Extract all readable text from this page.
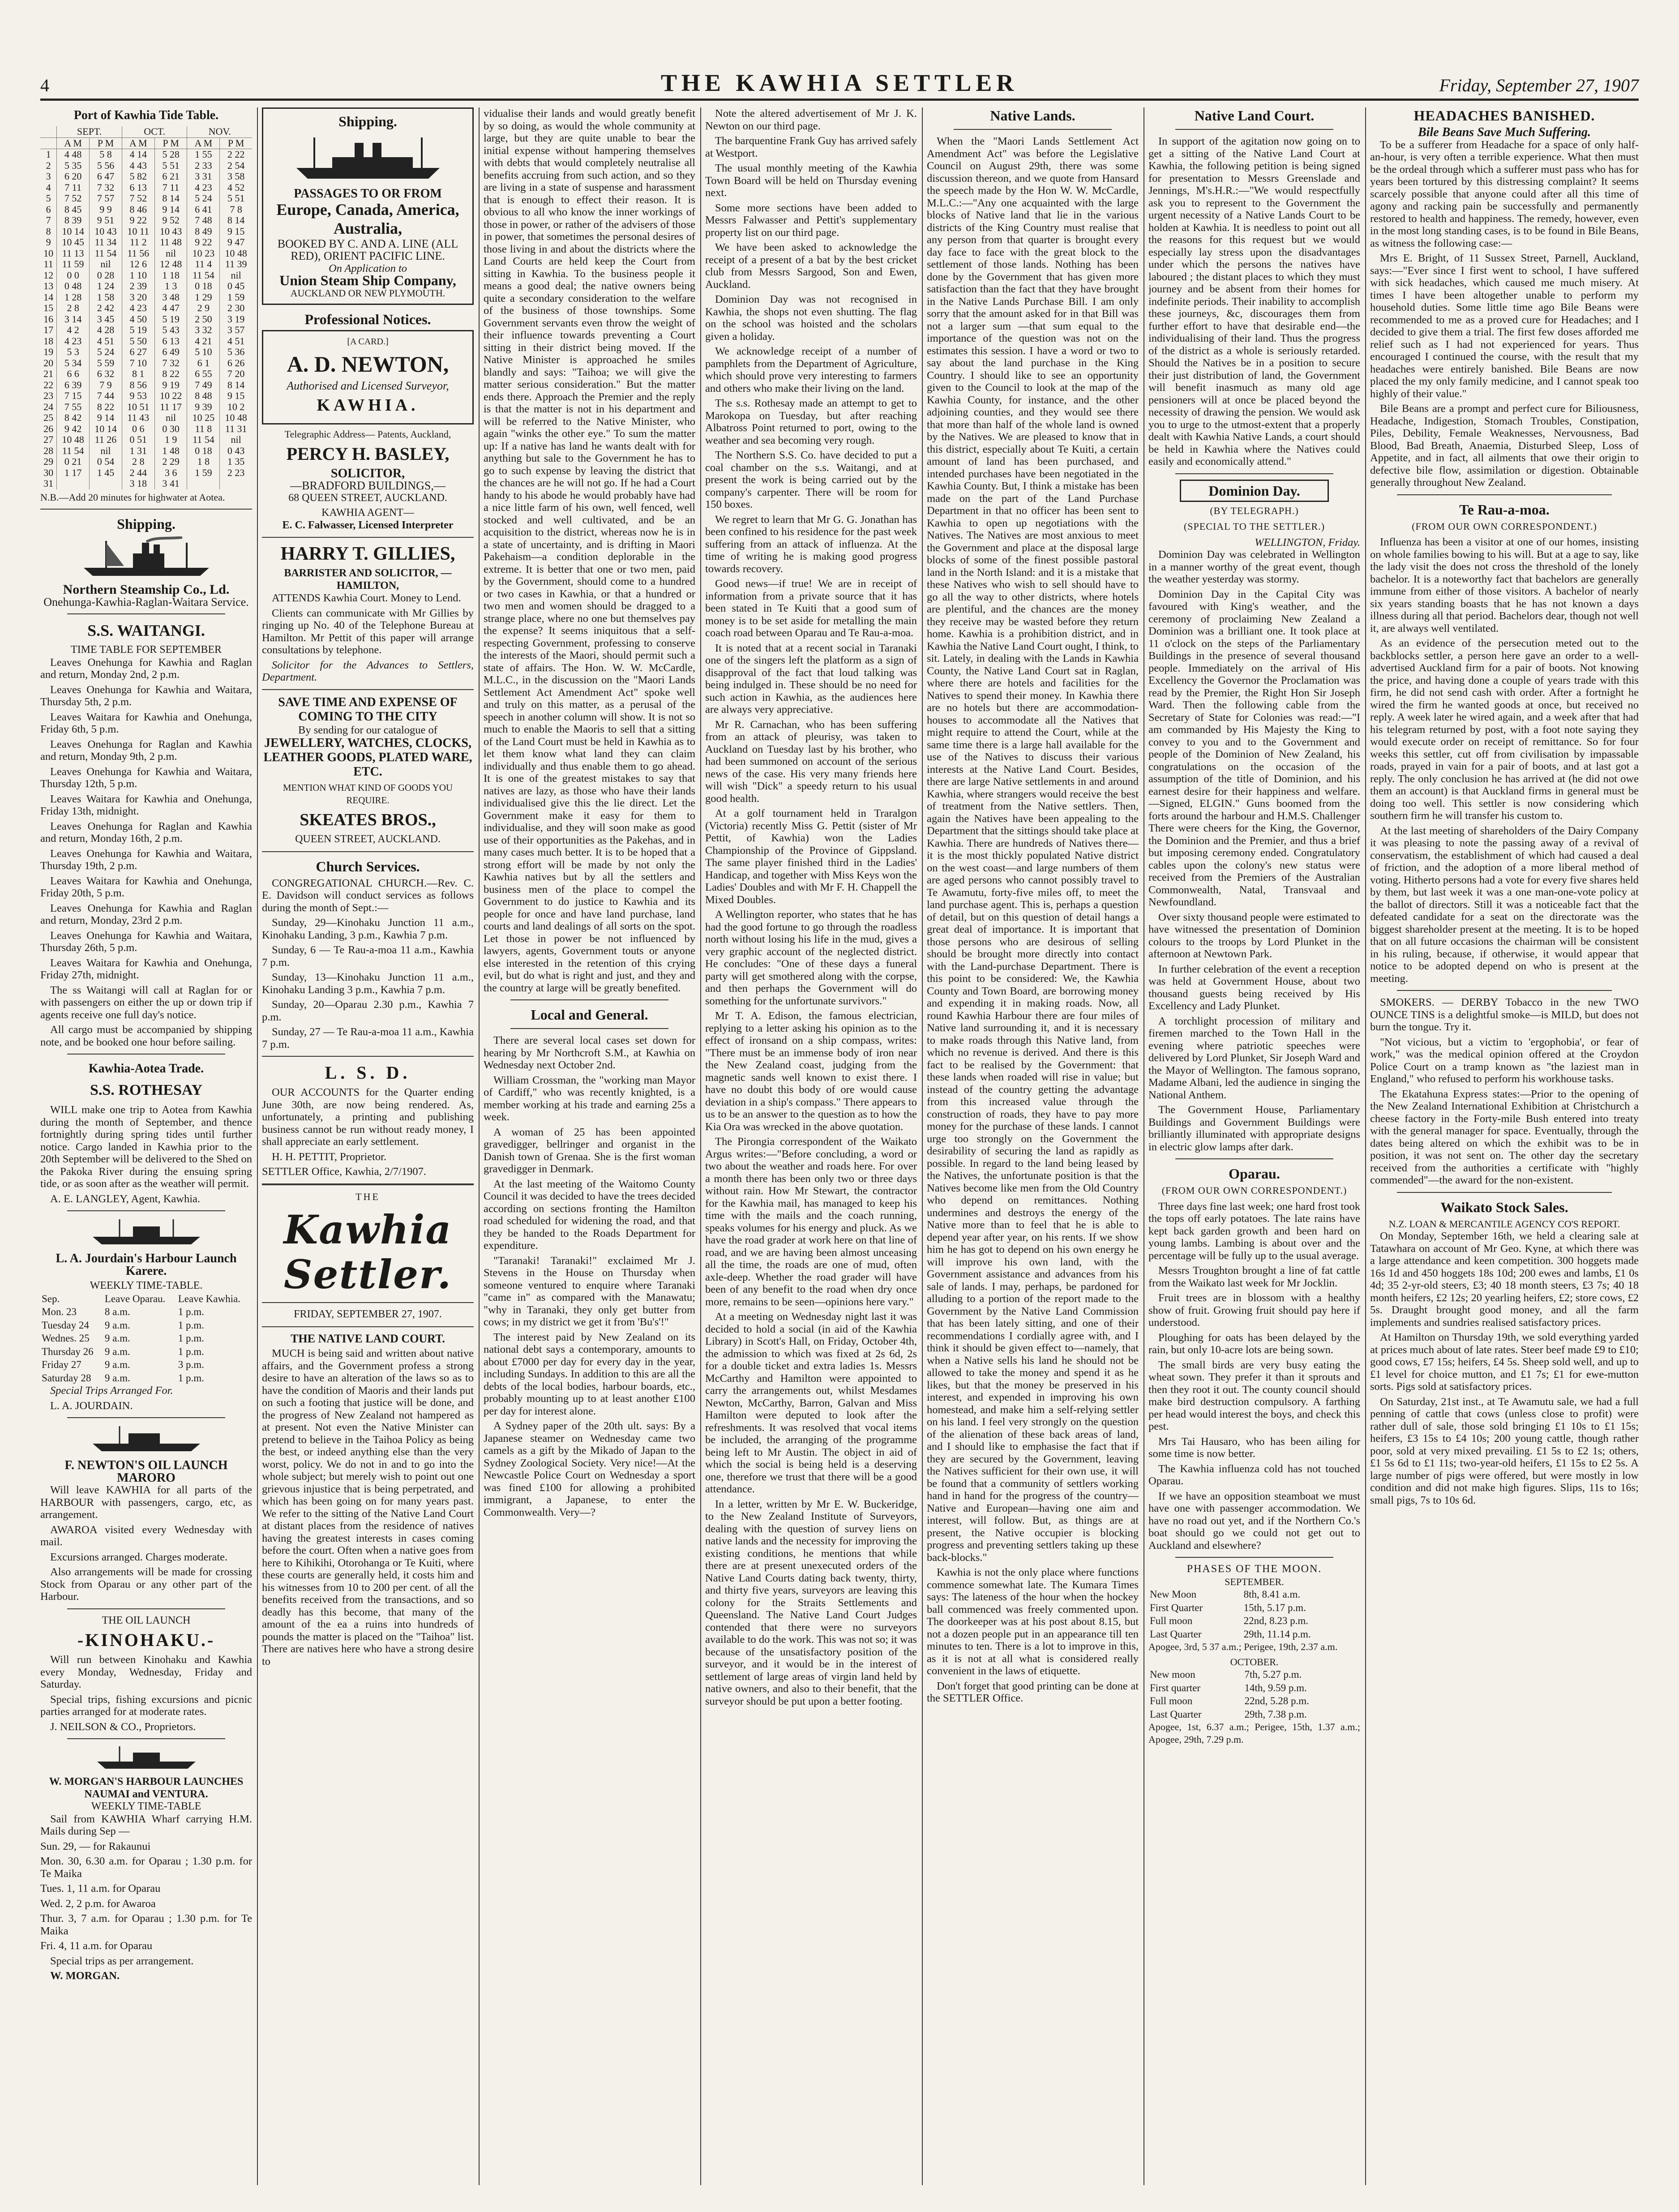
4	THE KAWHIA SETTLER	Friday, September 27, 1907
Port of Kawhia Tide Table.
	SEPT.		OCT.		NOV.	
	A M	P M	A M	P M	A M	P M
1	4 48	5 8	4 14	5 28	1 55	2 22
2	5 35	5 56	4 43	5 51	2 33	2 54
3	6 20	6 47	5 82	6 21	3 31	3 58
4	7 11	7 32	6 13	7 11	4 23	4 52
5	7 52	7 57	7 52	8 14	5 24	5 51
6	8 45	9 9	8 46	9 14	6 41	7 8
7	8 39	9 51	9 22	9 52	7 48	8 14
8	10 14	10 43	10 11	10 43	8 49	9 15
9	10 45	11 34	11 2	11 48	9 22	9 47
10	11 13	11 54	11 56	nil	10 23	10 48
11	11 59	nil	12 6	12 48	11 4	11 39
12	0 0	0 28	1 10	1 18	11 54	nil
13	0 48	1 24	2 39	1 3	0 18	0 45
14	1 28	1 58	3 20	3 48	1 29	1 59
15	2 8	2 42	4 23	4 47	2 9	2 30
16	3 14	3 45	4 50	5 19	2 50	3 19
17	4 2	4 28	5 19	5 43	3 32	3 57
18	4 23	4 51	5 50	6 13	4 21	4 51
19	5 3	5 24	6 27	6 49	5 10	5 36
20	5 34	5 59	7 10	7 32	6 1	6 26
21	6 6	6 32	8 1	8 22	6 55	7 20
22	6 39	7 9	8 56	9 19	7 49	8 14
23	7 15	7 44	9 53	10 22	8 48	9 15
24	7 55	8 22	10 51	11 17	9 39	10 2
25	8 42	9 14	11 43	nil	10 25	10 48
26	9 42	10 14	0 6	0 30	11 8	11 31
27	10 48	11 26	0 51	1 9	11 54	nil
28	11 54	nil	1 31	1 48	0 18	0 43
29	0 21	0 54	2 8	2 29	1 8	1 35
30	1 17	1 45	2 44	3 6	1 59	2 23
31			3 18	3 41		

N.B.—Add 20 minutes for highwater at Aotea.

Shipping.
Northern Steamship Co., Ld.
Onehunga-Kawhia-Raglan-Waitara Service.
S.S. WAITANGI.
TIME TABLE FOR SEPTEMBER

Leaves Onehunga for Kawhia and Raglan and return, Monday 2nd, 2 p.m.

Leaves Onehunga for Kawhia and Waitara, Thursday 5th, 2 p.m.

Leaves Waitara for Kawhia and Onehunga, Friday 6th, 5 p.m.

Leaves Onehunga for Raglan and Kawhia and return, Monday 9th, 2 p.m.

Leaves Onehunga for Kawhia and Waitara, Thursday 12th, 5 p.m.

Leaves Waitara for Kawhia and Onehunga, Friday 13th, midnight.

Leaves Onehunga for Raglan and Kawhia and return, Monday 16th, 2 p.m.

Leaves Onehunga for Kawhia and Waitara, Thursday 19th, 2 p.m.

Leaves Waitara for Kawhia and Onehunga, Friday 20th, 5 p.m.

Leaves Onehunga for Kawhia and Raglan and return, Monday, 23rd 2 p.m.

Leaves Onehunga for Kawhia and Waitara, Thursday 26th, 5 p.m.

Leaves Waitara for Kawhia and Onehunga, Friday 27th, midnight.

The ss Waitangi will call at Raglan for or with passengers on either the up or down trip if agents receive one full day's notice.

All cargo must be accompanied by shipping note, and be booked one hour before sailing.

Kawhia-Aotea Trade.
S.S. ROTHESAY

WILL make one trip to Aotea from Kawhia during the month of September, and thence fortnightly during spring tides until further notice. Cargo landed in Kawhia prior to the 20th September will be delivered to the Shed on the Pakoka River during the ensuing spring tide, or as soon after as the weather will permit.

A. E. LANGLEY, Agent, Kawhia.

L. A. Jourdain's Harbour Launch Karere.
WEEKLY TIME-TABLE.
Sep.	Leave Oparau.	Leave Kawhia.
Mon. 23	8 a.m.	1 p.m.
Tuesday 24	9 a.m.	1 p.m.
Wednes. 25	9 a.m.	1 p.m.
Thursday 26	9 a.m.	1 p.m.
Friday 27	9 a.m.	3 p.m.
Saturday 28	9 a.m.	1 p.m.

Special Trips Arranged For.

L. A. JOURDAIN.

F. NEWTON'S OIL LAUNCH MARORO

Will leave KAWHIA for all parts of the HARBOUR with passengers, cargo, etc, as arrangement.

AWAROA visited every Wednesday with mail.

Excursions arranged. Charges moderate.

Also arrangements will be made for crossing Stock from Oparau or any other part of the Harbour.

THE OIL LAUNCH
-KINOHAKU.-

Will run between Kinohaku and Kawhia every Monday, Wednesday, Friday and Saturday.

Special trips, fishing excursions and picnic parties arranged for at moderate rates.

J. NEILSON & CO., Proprietors.

W. MORGAN'S HARBOUR LAUNCHES NAUMAI and VENTURA.
WEEKLY TIME-TABLE

Sail from KAWHIA Wharf carrying H.M. Mails during Sep —

Sun. 29, — for Rakaunui

Mon. 30, 6.30 a.m. for Oparau ; 1.30 p.m. for Te Maika

Tues. 1, 11 a.m. for Oparau

Wed. 2, 2 p.m. for Awaroa

Thur. 3, 7 a.m. for Oparau ; 1.30 p.m. for Te Maika

Fri. 4, 11 a.m. for Oparau

Special trips as per arrangement.

W. MORGAN.

Shipping.
PASSAGES TO OR FROM
Europe, Canada, America, Australia,
BOOKED BY C. AND A. LINE (ALL RED), ORIENT PACIFIC LINE.
On Application to
Union Steam Ship Company,
AUCKLAND OR NEW PLYMOUTH.
Professional Notices.
[A CARD.]
A. D. NEWTON,
Authorised and Licensed Surveyor,
KAWHIA.
Telegraphic Address— Patents, Auckland,
PERCY H. BASLEY,
SOLICITOR,
—BRADFORD BUILDINGS,—
68 QUEEN STREET, AUCKLAND.
KAWHIA AGENT—
E. C. Falwasser, Licensed Interpreter
HARRY T. GILLIES,
BARRISTER AND SOLICITOR, — HAMILTON,

ATTENDS Kawhia Court. Money to Lend.

Clients can communicate with Mr Gillies by ringing up No. 40 of the Telephone Bureau at Hamilton. Mr Pettit of this paper will arrange consultations by telephone.

Solicitor for the Advances to Settlers, Department.

SAVE TIME AND EXPENSE OF COMING TO THE CITY
By sending for our catalogue of
JEWELLERY, WATCHES, CLOCKS, LEATHER GOODS, PLATED WARE, ETC.
MENTION WHAT KIND OF GOODS YOU REQUIRE.
SKEATES BROS.,
QUEEN STREET, AUCKLAND.
Church Services.

CONGREGATIONAL CHURCH.—Rev. C. E. Davidson will conduct services as follows during the month of Sept.:—

Sunday, 29—Kinohaku Junction 11 a.m., Kinohaku Landing, 3 p.m., Kawhia 7 p.m.

Sunday, 6 — Te Rau-a-moa 11 a.m., Kawhia 7 p.m.

Sunday, 13—Kinohaku Junction 11 a.m., Kinohaku Landing 3 p.m., Kawhia 7 p.m.

Sunday, 20—Oparau 2.30 p.m., Kawhia 7 p.m.

Sunday, 27 — Te Rau-a-moa 11 a.m., Kawhia 7 p.m.

L. S. D.

OUR ACCOUNTS for the Quarter ending June 30th, are now being rendered. As, unfortunately, a printing and publishing business cannot be run without ready money, I shall appreciate an early settlement.

H. H. PETTIT, Proprietor.

SETTLER Office, Kawhia, 2/7/1907.

THE
Kawhia Settler.
FRIDAY, SEPTEMBER 27, 1907.
THE NATIVE LAND COURT.

MUCH is being said and written about native affairs, and the Government profess a strong desire to have an alteration of the laws so as to have the condition of Maoris and their lands put on such a footing that justice will be done, and the progress of New Zealand not hampered as at present. Not even the Native Minister can pretend to believe in the Taihoa Policy as being the best, or indeed anything else than the very worst, policy. We do not in and to go into the whole subject; but merely wish to point out one grievous injustice that is being perpetrated, and which has been going on for many years past. We refer to the sitting of the Native Land Court at distant places from the residence of natives having the greatest interests in cases coming before the court. Often when a native goes from here to Kihikihi, Otorohanga or Te Kuiti, where these courts are generally held, it costs him and his witnesses from 10 to 200 per cent. of all the benefits received from the transactions, and so deadly has this become, that many of the amount of the ea a ruins into hundreds of pounds the matter is placed on the "Taihoa" list. There are natives here who have a strong desire to

vidualise their lands and would greatly benefit by so doing, as would the whole community at large, but they are quite unable to bear the initial expense without hampering themselves with debts that would completely neutralise all benefits accruing from such action, and so they are living in a state of suspense and harassment that is enough to effect their reason. It is obvious to all who know the inner workings of those in power, or rather of the advisers of those in power, that sometimes the personal desires of those living in and about the districts where the Land Courts are held keep the Court from sitting in Kawhia. To the business people it means a good deal; the native owners being quite a secondary consideration to the welfare of the business of those townships. Some Government servants even throw the weight of their influence towards preventing a Court sitting in their district being moved. If the Native Minister is approached he smiles blandly and says: "Taihoa; we will give the matter serious consideration." But the matter ends there. Approach the Premier and the reply is that the matter is not in his department and will be referred to the Native Minister, who again "winks the other eye." To sum the matter up: If a native has land he wants dealt with for anything but sale to the Government he has to go to such expense by leaving the district that the chances are he will not go. If he had a Court handy to his abode he would probably have had a nice little farm of his own, well fenced, well stocked and well cultivated, and be an acquisition to the district, whereas now he is in a state of uncertainty, and is drifting in Maori Pakehaism—a condition deplorable in the extreme. It is better that one or two men, paid by the Government, should come to a hundred or two cases in Kawhia, or that a hundred or two men and women should be dragged to a strange place, where no one but themselves pay the expense? It seems iniquitous that a self-respecting Government, professing to conserve the interests of the Maori, should permit such a state of affairs. The Hon. W. W. McCardle, M.L.C., in the discussion on the "Maori Lands Settlement Act Amendment Act" spoke well and truly on this matter, as a perusal of the speech in another column will show. It is not so much to enable the Maoris to sell that a sitting of the Land Court must be held in Kawhia as to let them know what land they can claim individually and thus enable them to go ahead. It is one of the greatest mistakes to say that natives are lazy, as those who have their lands individualised give this the lie direct. Let the Government make it easy for them to individualise, and they will soon make as good use of their opportunities as the Pakehas, and in many cases much better. It is to be hoped that a strong effort will be made by not only the Kawhia natives but by all the settlers and business men of the place to compel the Government to do justice to Kawhia and its people for once and have land purchase, land courts and land dealings of all sorts on the spot. Let those in power be not influenced by lawyers, agents, Government touts or anyone else interested in the retention of this crying evil, but do what is right and just, and they and the country at large will be greatly benefited.

Local and General.

There are several local cases set down for hearing by Mr Northcroft S.M., at Kawhia on Wednesday next October 2nd.

William Crossman, the "working man Mayor of Cardiff," who was recently knighted, is a member working at his trade and earning 25s a week.

A woman of 25 has been appointed gravedigger, bellringer and organist in the Danish town of Grenaa. She is the first woman gravedigger in Denmark.

At the last meeting of the Waitomo County Council it was decided to have the trees decided according on sections fronting the Hamilton road scheduled for widening the road, and that they be handed to the Roads Department for expenditure.

"Taranaki! Taranaki!" exclaimed Mr J. Stevens in the House on Thursday when someone ventured to enquire where Taranaki "came in" as compared with the Manawatu; "why in Taranaki, they only get butter from cows; in my district we get it from 'Bu's'!"

The interest paid by New Zealand on its national debt says a contemporary, amounts to about £7000 per day for every day in the year, including Sundays. In addition to this are all the debts of the local bodies, harbour boards, etc., probably mounting up to at least another £100 per day for interest alone.

A Sydney paper of the 20th ult. says: By a Japanese steamer on Wednesday came two camels as a gift by the Mikado of Japan to the Sydney Zoological Society. Very nice!—At the Newcastle Police Court on Wednesday a sport was fined £100 for allowing a prohibited immigrant, a Japanese, to enter the Commonwealth. Very—?

Note the altered advertisement of Mr J. K. Newton on our third page.

The barquentine Frank Guy has arrived safely at Westport.

The usual monthly meeting of the Kawhia Town Board will be held on Thursday evening next.

Some more sections have been added to Messrs Falwasser and Pettit's supplementary property list on our third page.

We have been asked to acknowledge the receipt of a present of a bat by the best cricket club from Messrs Sargood, Son and Ewen, Auckland.

Dominion Day was not recognised in Kawhia, the shops not even shutting. The flag on the school was hoisted and the scholars given a holiday.

We acknowledge receipt of a number of pamphlets from the Department of Agriculture, which should prove very interesting to farmers and others who make their living on the land.

The s.s. Rothesay made an attempt to get to Marokopa on Tuesday, but after reaching Albatross Point returned to port, owing to the weather and sea becoming very rough.

The Northern S.S. Co. have decided to put a coal chamber on the s.s. Waitangi, and at present the work is being carried out by the company's carpenter. There will be room for 150 boxes.

We regret to learn that Mr G. G. Jonathan has been confined to his residence for the past week suffering from an attack of influenza. At the time of writing he is making good progress towards recovery.

Good news—if true! We are in receipt of information from a private source that it has been stated in Te Kuiti that a good sum of money is to be set aside for metalling the main coach road between Oparau and Te Rau-a-moa.

It is noted that at a recent social in Taranaki one of the singers left the platform as a sign of disapproval of the fact that loud talking was being indulged in. These should be no need for such action in Kawhia, as the audiences here are always very appreciative.

Mr R. Carnachan, who has been suffering from an attack of pleurisy, was taken to Auckland on Tuesday last by his brother, who had been summoned on account of the serious news of the case. His very many friends here will wish "Dick" a speedy return to his usual good health.

At a golf tournament held in Traralgon (Victoria) recently Miss G. Pettit (sister of Mr Pettit, of Kawhia) won the Ladies Championship of the Province of Gippsland. The same player finished third in the Ladies' Handicap, and together with Miss Keys won the Ladies' Doubles and with Mr F. H. Chappell the Mixed Doubles.

A Wellington reporter, who states that he has had the good fortune to go through the roadless north without losing his life in the mud, gives a very graphic account of the neglected district. He concludes: "One of these days a funeral party will get smothered along with the corpse, and then perhaps the Government will do something for the unfortunate survivors."

Mr T. A. Edison, the famous electrician, replying to a letter asking his opinion as to the effect of ironsand on a ship compass, writes: "There must be an immense body of iron near the New Zealand coast, judging from the magnetic sands well known to exist there. I have no doubt this body of ore would cause deviation in a ship's compass." There appears to us to be an answer to the question as to how the Kia Ora was wrecked in the above quotation.

The Pirongia correspondent of the Waikato Argus writes:—"Before concluding, a word or two about the weather and roads here. For over a month there has been only two or three days without rain. How Mr Stewart, the contractor for the Kawhia mail, has managed to keep his time with the mails and the coach running, speaks volumes for his energy and pluck. As we have the road grader at work here on that line of road, and we are having been almost unceasing all the time, the roads are one of mud, often axle-deep. Whether the road grader will have been of any benefit to the road when dry once more, remains to be seen—opinions here vary."

At a meeting on Wednesday night last it was decided to hold a social (in aid of the Kawhia Library) in Scott's Hall, on Friday, October 4th, the admission to which was fixed at 2s 6d, 2s for a double ticket and extra ladies 1s. Messrs McCarthy and Hamilton were appointed to carry the arrangements out, whilst Mesdames Newton, McCarthy, Barron, Galvan and Miss Hamilton were deputed to look after the refreshments. It was resolved that vocal items be included, the arranging of the programme being left to Mr Austin. The object in aid of which the social is being held is a deserving one, therefore we trust that there will be a good attendance.

In a letter, written by Mr E. W. Buckeridge, to the New Zealand Institute of Surveyors, dealing with the question of survey liens on native lands and the necessity for improving the existing conditions, he mentions that while there are at present unexecuted orders of the Native Land Courts dating back twenty, thirty, and thirty five years, surveyors are leaving this colony for the Straits Settlements and Queensland. The Native Land Court Judges contended that there were no surveyors available to do the work. This was not so; it was because of the unsatisfactory position of the surveyor, and it would be in the interest of settlement of large areas of virgin land held by native owners, and also to their benefit, that the surveyor should be put upon a better footing.

Native Lands.

When the "Maori Lands Settlement Act Amendment Act" was before the Legislative Council on August 29th, there was some discussion thereon, and we quote from Hansard the speech made by the Hon W. W. McCardle, M.L.C.:—"Any one acquainted with the large blocks of Native land that lie in the various districts of the King Country must realise that any person from that quarter is brought every day face to face with the great block to the settlement of those lands. Nothing has been done by the Government that has given more satisfaction than the fact that they have brought in the Native Lands Purchase Bill. I am only sorry that the amount asked for in that Bill was not a larger sum —that sum equal to the importance of the question was not on the estimates this session. I have a word or two to say about the land purchase in the King Country. I should like to see an opportunity given to the Council to look at the map of the Kawhia County, for instance, and the other adjoining counties, and they would see there that more than half of the whole land is owned by the Natives. We are pleased to know that in this district, especially about Te Kuiti, a certain amount of land has been purchased, and intended purchases have been negotiated in the Kawhia County. But, I think a mistake has been made on the part of the Land Purchase Department in that no officer has been sent to Kawhia to open up negotiations with the Natives. The Natives are most anxious to meet the Government and place at the disposal large blocks of some of the finest possible pastoral land in the North Island: and it is a mistake that these Natives who wish to sell should have to go all the way to other districts, where hotels are plentiful, and the chances are the money they receive may be wasted before they return home. Kawhia is a prohibition district, and in Kawhia the Native Land Court ought, I think, to sit. Lately, in dealing with the Lands in Kawhia County, the Native Land Court sat in Raglan, where there are hotels and facilities for the Natives to spend their money. In Kawhia there are no hotels but there are accommodation-houses to accommodate all the Natives that might require to attend the Court, while at the same time there is a large hall available for the use of the Natives to discuss their various interests at the Native Land Court. Besides, there are large Native settlements in and around Kawhia, where strangers would receive the best of treatment from the Native settlers. Then, again the Natives have been appealing to the Department that the sittings should take place at Kawhia. There are hundreds of Natives there—it is the most thickly populated Native district on the west coast—and large numbers of them are aged persons who cannot possibly travel to Te Awamutu, forty-five miles off, to meet the land purchase agent. This is, perhaps a question of detail, but on this question of detail hangs a great deal of importance. It is important that those persons who are desirous of selling should be brought more directly into contact with the Land-purchase Department. There is this point to be considered: We, the Kawhia County and Town Board, are borrowing money and expending it in making roads. Now, all round Kawhia Harbour there are four miles of Native land surrounding it, and it is necessary to make roads through this Native land, from which no revenue is derived. And there is this fact to be realised by the Government: that these lands when roaded will rise in value; but instead of the country getting the advantage from this increased value through the construction of roads, they have to pay more money for the purchase of these lands. I cannot urge too strongly on the Government the desirability of securing the land as rapidly as possible. In regard to the land being leased by the Natives, the unfortunate position is that the Natives become like men from the Old Country who depend on remittances. Nothing undermines and destroys the energy of the Native more than to feel that he is able to depend year after year, on his rents. If we show him he has got to depend on his own energy he will improve his own land, with the Government assistance and advances from his sale of lands. I may, perhaps, be pardoned for alluding to a portion of the report made to the Government by the Native Land Commission that has been lately sitting, and one of their recommendations I cordially agree with, and I think it should be given effect to—namely, that when a Native sells his land he should not be allowed to take the money and spend it as he likes, but that the money be preserved in his interest, and expended in improving his own homestead, and make him a self-relying settler on his land. I feel very strongly on the question of the alienation of these back areas of land, and I should like to emphasise the fact that if they are secured by the Government, leaving the Natives sufficient for their own use, it will be found that a community of settlers working hand in hand for the progress of the country—Native and European—having one aim and interest, will follow. But, as things are at present, the Native occupier is blocking progress and preventing settlers taking up these back-blocks."

Kawhia is not the only place where functions commence somewhat late. The Kumara Times says: The lateness of the hour when the hockey ball commenced was freely commented upon. The doorkeeper was at his post about 8.15, but not a dozen people put in an appearance till ten minutes to ten. There is a lot to improve in this, as it is not at all what is considered really convenient in the laws of etiquette.

Don't forget that good printing can be done at the SETTLER Office.

Native Land Court.

In support of the agitation now going on to get a sitting of the Native Land Court at Kawhia, the following petition is being signed for presentation to Messrs Greenslade and Jennings, M's.H.R.:—"We would respectfully ask you to represent to the Government the urgent necessity of a Native Lands Court to be holden at Kawhia. It is needless to point out all the reasons for this request but we would especially lay stress upon the disadvantages under which the persons the natives have laboured ; the distant places to which they must journey and be absent from their homes for indefinite periods. Their inability to accomplish these journeys, &c, discourages them from further effort to have that desirable end—the individualising of their land. Thus the progress of the district as a whole is seriously retarded. Should the Natives be in a position to secure their just distribution of land, the Government will benefit inasmuch as many old age pensioners will at once be placed beyond the necessity of drawing the pension. We would ask you to urge to the utmost-extent that a properly dealt with Kawhia Native Lands, a court should be held in Kawhia where the Natives could easily and economically attend."

Dominion Day.
(BY TELEGRAPH.)
(SPECIAL TO THE SETTLER.)
WELLINGTON, Friday.

Dominion Day was celebrated in Wellington in a manner worthy of the great event, though the weather yesterday was stormy.

Dominion Day in the Capital City was favoured with King's weather, and the ceremony of proclaiming New Zealand a Dominion was a brilliant one. It took place at 11 o'clock on the steps of the Parliamentary Buildings in the presence of several thousand people. Immediately on the arrival of His Excellency the Governor the Proclamation was read by the Premier, the Right Hon Sir Joseph Ward. Then the following cable from the Secretary of State for Colonies was read:—"I am commanded by His Majesty the King to convey to you and to the Government and people of the Dominion of New Zealand, his congratulations on the occasion of the assumption of the title of Dominion, and his earnest desire for their happiness and welfare.—Signed, ELGIN." Guns boomed from the forts around the harbour and H.M.S. Challenger There were cheers for the King, the Governor, the Dominion and the Premier, and thus a brief but imposing ceremony ended. Congratulatory cables upon the colony's new status were received from the Premiers of the Australian Commonwealth, Natal, Transvaal and Newfoundland.

Over sixty thousand people were estimated to have witnessed the presentation of Dominion colours to the troops by Lord Plunket in the afternoon at Newtown Park.

In further celebration of the event a reception was held at Government House, about two thousand guests being received by His Excellency and Lady Plunket.

A torchlight procession of military and firemen marched to the Town Hall in the evening where patriotic speeches were delivered by Lord Plunket, Sir Joseph Ward and the Mayor of Wellington. The famous soprano, Madame Albani, led the audience in singing the National Anthem.

The Government House, Parliamentary Buildings and Government Buildings were brilliantly illuminated with appropriate designs in electric glow lamps after dark.

Oparau.
(FROM OUR OWN CORRESPONDENT.)

Three days fine last week; one hard frost took the tops off early potatoes. The late rains have kept back garden growth and been hard on young lambs. Lambing is about over and the percentage will be fully up to the usual average.

Messrs Troughton brought a line of fat cattle from the Waikato last week for Mr Jocklin.

Fruit trees are in blossom with a healthy show of fruit. Growing fruit should pay here if understood.

Ploughing for oats has been delayed by the rain, but only 10-acre lots are being sown.

The small birds are very busy eating the wheat sown. They prefer it than it sprouts and then they root it out. The county council should make bird destruction compulsory. A farthing per head would interest the boys, and check this pest.

Mrs Tai Hausaro, who has been ailing for some time is now better.

The Kawhia influenza cold has not touched Oparau.

If we have an opposition steamboat we must have one with passenger accommodation. We have no road out yet, and if the Northern Co.'s boat should go we could not get out to Auckland and elsewhere?

PHASES OF THE MOON.
SEPTEMBER.
New Moon	8th, 8.41 a.m.
First Quarter	15th, 5.17 p.m.
Full moon	22nd, 8.23 p.m.
Last Quarter	29th, 11.14 p.m.

Apogee, 3rd, 5 37 a.m.; Perigee, 19th, 2.37 a.m.

OCTOBER.
New moon	7th, 5.27 p.m.
First quarter	14th, 9.59 p.m.
Full moon	22nd, 5.28 p.m.
Last Quarter	29th, 7.38 p.m.

Apogee, 1st, 6.37 a.m.; Perigee, 15th, 1.37 a.m.; Apogee, 29th, 7.29 p.m.

HEADACHES BANISHED.
Bile Beans Save Much Suffering.

To be a sufferer from Headache for a space of only half-an-hour, is very often a terrible experience. What then must be the ordeal through which a sufferer must pass who has for years been tortured by this distressing complaint? It seems scarcely possible that anyone could after all this time of agony and racking pain be successfully and permanently restored to health and happiness. The remedy, however, even in the most long standing cases, is to be found in Bile Beans, as witness the following case:—

Mrs E. Bright, of 11 Sussex Street, Parnell, Auckland, says:—"Ever since I first went to school, I have suffered with sick headaches, which caused me much misery. At times I have been altogether unable to perform my household duties. Some little time ago Bile Beans were recommended to me as a proved cure for Headaches; and I decided to give them a trial. The first few doses afforded me relief such as I had not experienced for years. Thus encouraged I continued the course, with the result that my headaches were entirely banished. Bile Beans are now placed the my only family medicine, and I cannot speak too highly of their value."

Bile Beans are a prompt and perfect cure for Biliousness, Headache, Indigestion, Stomach Troubles, Constipation, Piles, Debility, Female Weaknesses, Nervousness, Bad Blood, Bad Breath, Anaemia, Disturbed Sleep, Loss of Appetite, and in fact, all ailments that owe their origin to defective bile flow, assimilation or digestion. Obtainable generally throughout New Zealand.

Te Rau-a-moa.
(FROM OUR OWN CORRESPONDENT.)

Influenza has been a visitor at one of our homes, insisting on whole families bowing to his will. But at a age to say, like the lady visit the does not cross the threshold of the lonely bachelor. It is a noteworthy fact that bachelors are generally immune from either of those visitors. A bachelor of nearly six years standing boasts that he has not known a days illness during all that period. Bachelors dear, though not well it, are always well ventilated.

As an evidence of the persecution meted out to the backblocks settler, a person here gave an order to a well-advertised Auckland firm for a pair of boots. Not knowing the price, and having done a couple of years trade with this firm, he did not send cash with order. After a fortnight he wired the firm he wanted goods at once, but received no reply. A week later he wired again, and a week after that had his telegram returned by post, with a foot note saying they would execute order on receipt of remittance. So for four weeks this settler, cut off from civilisation by impassable roads, prayed in vain for a pair of boots, and at last got a reply. The only conclusion he has arrived at (he did not owe them an account) is that Auckland firms in general must be doing too well. This settler is now considering which southern firm he will transfer his custom to.

At the last meeting of shareholders of the Dairy Company it was pleasing to note the passing away of a revival of conservatism, the establishment of which had caused a deal of friction, and the adoption of a more liberal method of voting. Hitherto persons had a vote for every five shares held by them, but last week it was a one man-one-vote policy at the ballot of directors. Still it was a noticeable fact that the defeated candidate for a seat on the directorate was the biggest shareholder present at the meeting. It is to be hoped that on all future occasions the chairman will be consistent in his ruling, because, if otherwise, it would appear that notice to be adopted depend on who is present at the meeting.

SMOKERS. — DERBY Tobacco in the new TWO OUNCE TINS is a delightful smoke—is MILD, but does not burn the tongue. Try it.

"Not vicious, but a victim to 'ergophobia', or fear of work," was the medical opinion offered at the Croydon Police Court on a tramp known as "the laziest man in England," who refused to perform his workhouse tasks.

The Ekatahuna Express states:—Prior to the opening of the New Zealand International Exhibition at Christchurch a cheese factory in the Forty-mile Bush entered into treaty with the general manager for space. Eventually, through the dates being altered on which the exhibit was to be in position, it was not sent on. The other day the secretary received from the authorities a certificate with "highly commended"—the award for the non-existent.

Waikato Stock Sales.
N.Z. LOAN & MERCANTILE AGENCY CO'S REPORT.

On Monday, September 16th, we held a clearing sale at Tatawhara on account of Mr Geo. Kyne, at which there was a large attendance and keen competition. 300 hoggets made 16s 1d and 450 hoggets 18s 10d; 200 ewes and lambs, £1 0s 4d; 35 2-yr-old steers, £3; 40 18 month steers, £3 7s; 40 18 month heifers, £2 12s; 20 yearling heifers, £2; store cows, £2 5s. Draught brought good money, and all the farm implements and sundries realised satisfactory prices.

At Hamilton on Thursday 19th, we sold everything yarded at prices much about of late rates. Steer beef made £9 to £10; good cows, £7 15s; heifers, £4 5s. Sheep sold well, and up to £1 level for choice mutton, and £1 7s; £1 for ewe-mutton sorts. Pigs sold at satisfactory prices.

On Saturday, 21st inst., at Te Awamutu sale, we had a full penning of cattle that cows (unless close to profit) were rather dull of sale, those sold bringing £1 10s to £1 15s; heifers, £3 15s to £4 10s; 200 young cattle, though rather poor, sold at very mixed prevailing. £1 5s to £2 1s; others, £1 5s 6d to £1 11s; two-year-old heifers, £1 15s to £2 5s. A large number of pigs were offered, but were mostly in low condition and did not make high figures. Slips, 11s to 16s; small pigs, 7s to 10s 6d.
